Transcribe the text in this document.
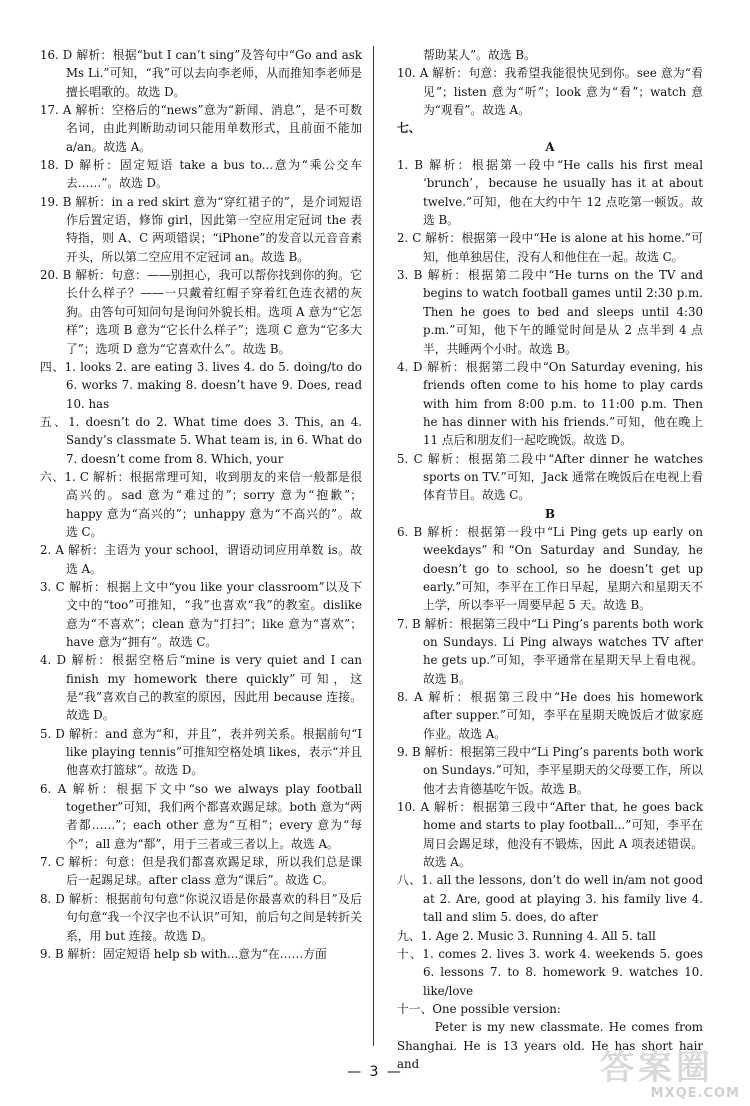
16. D 解析：根据“but I can’t sing”及答句中“Go and ask Ms Li.”可知，“我”可以去向李老师，从而推知李老师是擅长唱歌的。故选 D。

17. A 解析：空格后的“news”意为“新闻、消息”，是不可数名词，由此判断助动词只能用单数形式，且前面不能加 a/an。故选 A。

18. D 解析：固定短语 take a bus to...意为“乘公交车去……”。故选 D。

19. B 解析：in a red skirt 意为“穿红裙子的”，是介词短语作后置定语，修饰 girl，因此第一空应用定冠词 the 表特指，则 A、C 两项错误；“iPhone”的发音以元音音素开头，所以第二空应用不定冠词 an。故选 B。

20. B 解析：句意：——别担心，我可以帮你找到你的狗。它长什么样子？——一只戴着红帽子穿着红色连衣裙的灰狗。由答句可知问句是询问外貌长相。选项 A 意为“它怎样”；选项 B 意为“它长什么样子”；选项 C 意为“它多大了”；选项 D 意为“它喜欢什么”。故选 B。

四、1. looks 2. are eating 3. lives 4. do 5. doing/to do 6. works 7. making 8. doesn’t have 9. Does, read 10. has

五、1. doesn’t do 2. What time does 3. This, an 4. Sandy’s classmate 5. What team is, in 6. What do 7. doesn’t come from 8. Which, your

六、1. C 解析：根据常理可知，收到朋友的来信一般都是很高兴的。sad 意为“难过的”；sorry 意为“抱歉”；happy 意为“高兴的”；unhappy 意为“不高兴的”。故选 C。

2. A 解析：主语为 your school，谓语动词应用单数 is。故选 A。

3. C 解析：根据上文中“you like your classroom”以及下文中的“too”可推知，“我”也喜欢“我”的教室。dislike 意为“不喜欢”；clean 意为“打扫”；like 意为“喜欢”；have 意为“拥有”。故选 C。

4. D 解析：根据空格后“mine is very quiet and I can finish my homework there quickly”可知，这是“我”喜欢自己的教室的原因，因此用 because 连接。故选 D。

5. D 解析：and 意为“和，并且”，表并列关系。根据前句“I like playing tennis”可推知空格处填 likes，表示“并且他喜欢打篮球”。故选 D。

6. A 解析：根据下文中“so we always play football together”可知，我们两个都喜欢踢足球。both 意为“两者都……”；each other 意为“互相”；every 意为“每个”；all 意为“都”，用于三者或三者以上。故选 A。

7. C 解析：句意：但是我们都喜欢踢足球，所以我们总是课后一起踢足球。after class 意为“课后”。故选 C。

8. D 解析：根据前句句意“你说汉语是你最喜欢的科目”及后句句意“我一个汉字也不认识”可知，前后句之间是转折关系，用 but 连接。故选 D。

9. B 解析：固定短语 help sb with...意为“在……方面

帮助某人”。故选 B。

10. A 解析：句意：我希望我能很快见到你。see 意为“看见”；listen 意为“听”；look 意为“看”；watch 意为“观看”。故选 A。

七、

A

1. B 解析：根据第一段中“He calls his first meal ‘brunch’，because he usually has it at about twelve.”可知，他在大约中午 12 点吃第一顿饭。故选 B。

2. C 解析：根据第一段中“He is alone at his home.”可知，他单独居住，没有人和他住在一起。故选 C。

3. B 解析：根据第二段中“He turns on the TV and begins to watch football games until 2:30 p.m. Then he goes to bed and sleeps until 4:30 p.m.”可知，他下午的睡觉时间是从 2 点半到 4 点半，共睡两个小时。故选 B。

4. D 解析：根据第二段中“On Saturday evening, his friends often come to his home to play cards with him from 8:00 p.m. to 11:00 p.m. Then he has dinner with his friends.”可知，他在晚上 11 点后和朋友们一起吃晚饭。故选 D。

5. C 解析：根据第二段中“After dinner he watches sports on TV.”可知，Jack 通常在晚饭后在电视上看体育节目。故选 C。

B

6. B 解析：根据第一段中“Li Ping gets up early on weekdays”和“On Saturday and Sunday, he doesn’t go to school, so he doesn’t get up early.”可知，李平在工作日早起，星期六和星期天不上学，所以李平一周要早起 5 天。故选 B。

7. B 解析：根据第三段中“Li Ping’s parents both work on Sundays. Li Ping always watches TV after he gets up.”可知，李平通常在星期天早上看电视。故选 B。

8. A 解析：根据第三段中“He does his homework after supper.”可知，李平在星期天晚饭后才做家庭作业。故选 A。

9. B 解析：根据第三段中“Li Ping’s parents both work on Sundays.”可知，李平星期天的父母要工作，所以他才去肯德基吃午饭。故选 B。

10. A 解析：根据第三段中“After that, he goes back home and starts to play football...”可知，李平在周日会踢足球，他没有不锻炼，因此 A 项表述错误。故选 A。

八、1. all the lessons, don’t do well in/am not good at 2. Are, good at playing 3. his family live 4. tall and slim 5. does, do after

九、1. Age 2. Music 3. Running 4. All 5. tall

十、1. comes 2. lives 3. work 4. weekends 5. goes 6. lessons 7. to 8. homework 9. watches 10. like/love

十一、One possible version:

Peter is my new classmate. He comes from Shanghai. He is 13 years old. He has short hair and

— 3 —	答案圈
MXQE.COM
